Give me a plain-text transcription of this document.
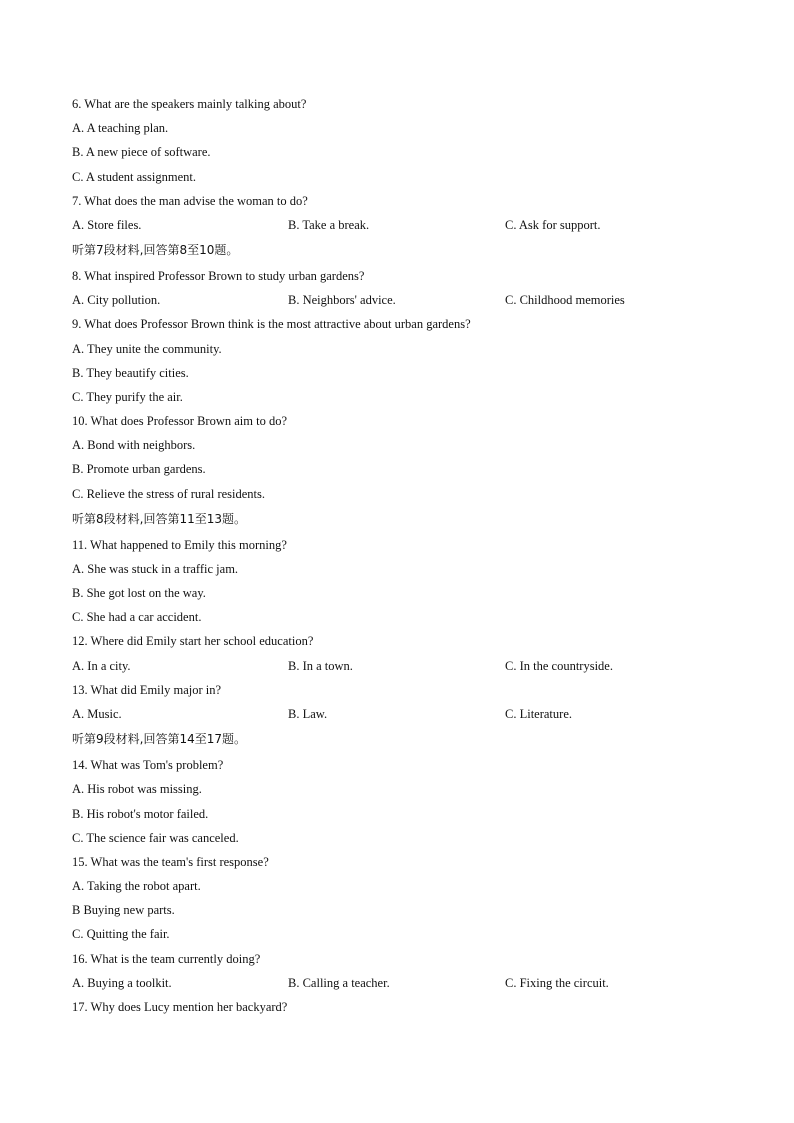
6. What are the speakers mainly talking about?
A. A teaching plan.
B. A new piece of software.
C. A student assignment.
7. What does the man advise the woman to do?
A. Store files.	B. Take a break.	C. Ask for support.
听第7段材料,回答第8至10题。
8. What inspired Professor Brown to study urban gardens?
A. City pollution.	B. Neighbors' advice.	C. Childhood memories
9. What does Professor Brown think is the most attractive about urban gardens?
A. They unite the community.
B. They beautify cities.
C. They purify the air.
10. What does Professor Brown aim to do?
A. Bond with neighbors.
B. Promote urban gardens.
C. Relieve the stress of rural residents.
听第8段材料,回答第11至13题。
11. What happened to Emily this morning?
A. She was stuck in a traffic jam.
B. She got lost on the way.
C. She had a car accident.
12. Where did Emily start her school education?
A. In a city.	B. In a town.	C. In the countryside.
13. What did Emily major in?
A. Music.	B. Law.	C. Literature.
听第9段材料,回答第14至17题。
14. What was Tom's problem?
A. His robot was missing.
B. His robot's motor failed.
C. The science fair was canceled.
15. What was the team's first response?
A. Taking the robot apart.
B Buying new parts.
C. Quitting the fair.
16. What is the team currently doing?
A. Buying a toolkit.	B. Calling a teacher.	C. Fixing the circuit.
17. Why does Lucy mention her backyard?
